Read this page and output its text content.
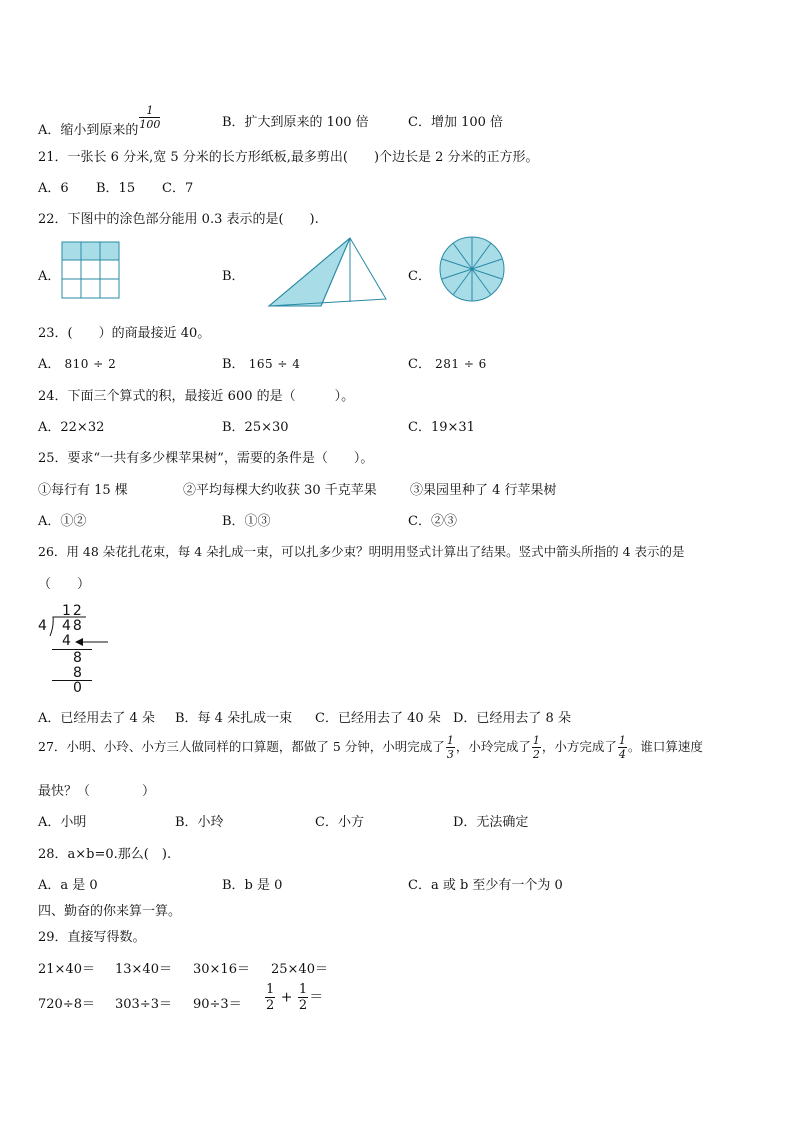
A．缩小到原来的
$\frac{1}{100}$	B．扩大到原来的 100 倍	C．增加 100 倍
21．一张长 6 分米,宽 5 分米的长方形纸板,最多剪出(　　)个边长是 2 分米的正方形。
A．6 B．15 C．7
22．下图中的涂色部分能用 0.3 表示的是(　　).
A．	B．	C．
23．(　　）的商最接近 40。
A． 810 ÷ 2	B． 165 ÷ 4	C． 281 ÷ 6
24．下面三个算式的积，最接近 600 的是（　　　）。
A．22×32	B．25×30	C．19×31
25．要求“一共有多少棵苹果树”，需要的条件是（　　）。
①每行有 15 棵	②平均每棵大约收获 30 千克苹果	③果园里种了 4 行苹果树
A．①②	B．①③	C．②③
26．用 48 朵花扎花束，每 4 朵扎成一束，可以扎多少束？明明用竖式计算出了结果。竖式中箭头所指的 4 表示的是
（　　）
12
4 48
4
8
8
0
A．已经用去了 4 朵 B．每 4 朵扎成一束 C．已经用去了 40 朵 D．已经用去了 8 朵
27．小明、小玲、小方三人做同样的口算题，都做了 5 分钟，小明完成了 $\frac{1}{3}$ ，小玲完成了 $\frac{1}{2}$ ，小方完成了 $\frac{1}{4}$ 。谁口算速度
最快？（　　　　）
A．小明	B．小玲	C．小方	D．无法确定
28．a×b=0.那么(　).
A．a 是 0	B．b 是 0	C．a 或 b 至少有一个为 0
四、勤奋的你来算一算。
29．直接写得数。
21×40＝ 13×40＝ 30×16＝ 25×40＝
$720\div 8= 303\div 3= 90\div 3= \frac{1}{2} + \frac{1}{2}$ ＝
